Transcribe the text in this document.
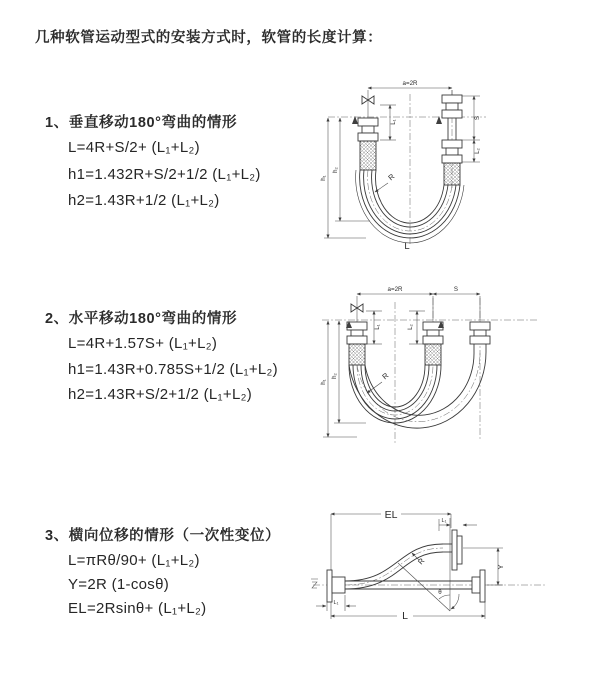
几种软管运动型式的安装方式时，软管的长度计算：
1、垂直移动180°弯曲的情形
L=4R+S/2+ (L₁+L₂)
h1=1.432R+S/2+1/2 (L₁+L₂)
h2=1.43R+1/2 (L₁+L₂)
2、水平移动180°弯曲的情形
L=4R+1.57S+ (L₁+L₂)
h1=1.43R+0.785S+1/2 (L₁+L₂)
h2=1.43R+S/2+1/2 (L₁+L₂)
3、横向位移的情形（一次性变位）
L=πRθ/90+ (L₁+L₂)
Y=2R (1-cosθ)
EL=2Rsinθ+ (L₁+L₂)
a=2R
h₁
h₂
L₁
S
L₂
R
L
a=2R	S
h₁
h₂
L₁	L₂
R
EL	L₁
Y
R
θ
L₁
L
